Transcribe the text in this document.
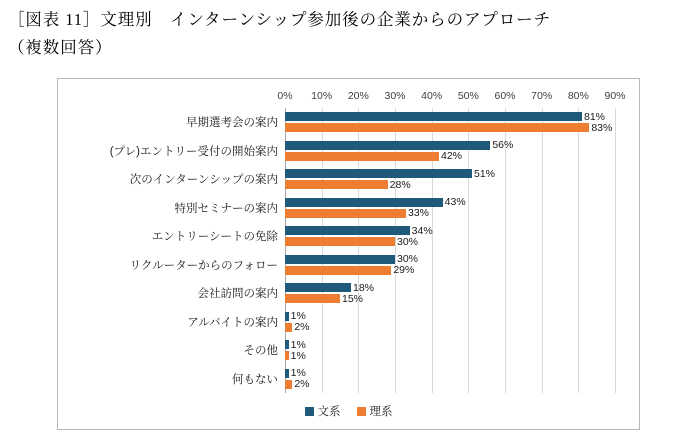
［図表 11］文理別　インターンシップ参加後の企業からのアプローチ
（複数回答）
0% 10% 20% 30% 40% 50% 60% 70% 80% 90%
早期選考会の案内
81%
83%
(プレ)エントリー受付の開始案内
56%
42%
次のインターンシップの案内
51%
28%
特別セミナーの案内
43%
33%
エントリーシートの免除
34%
30%
リクルーターからのフォロー
30%
29%
会社訪問の案内
18%
15%
アルバイトの案内
1%
2%
その他
1%
1%
何もない
1%
2%
文系	理系
